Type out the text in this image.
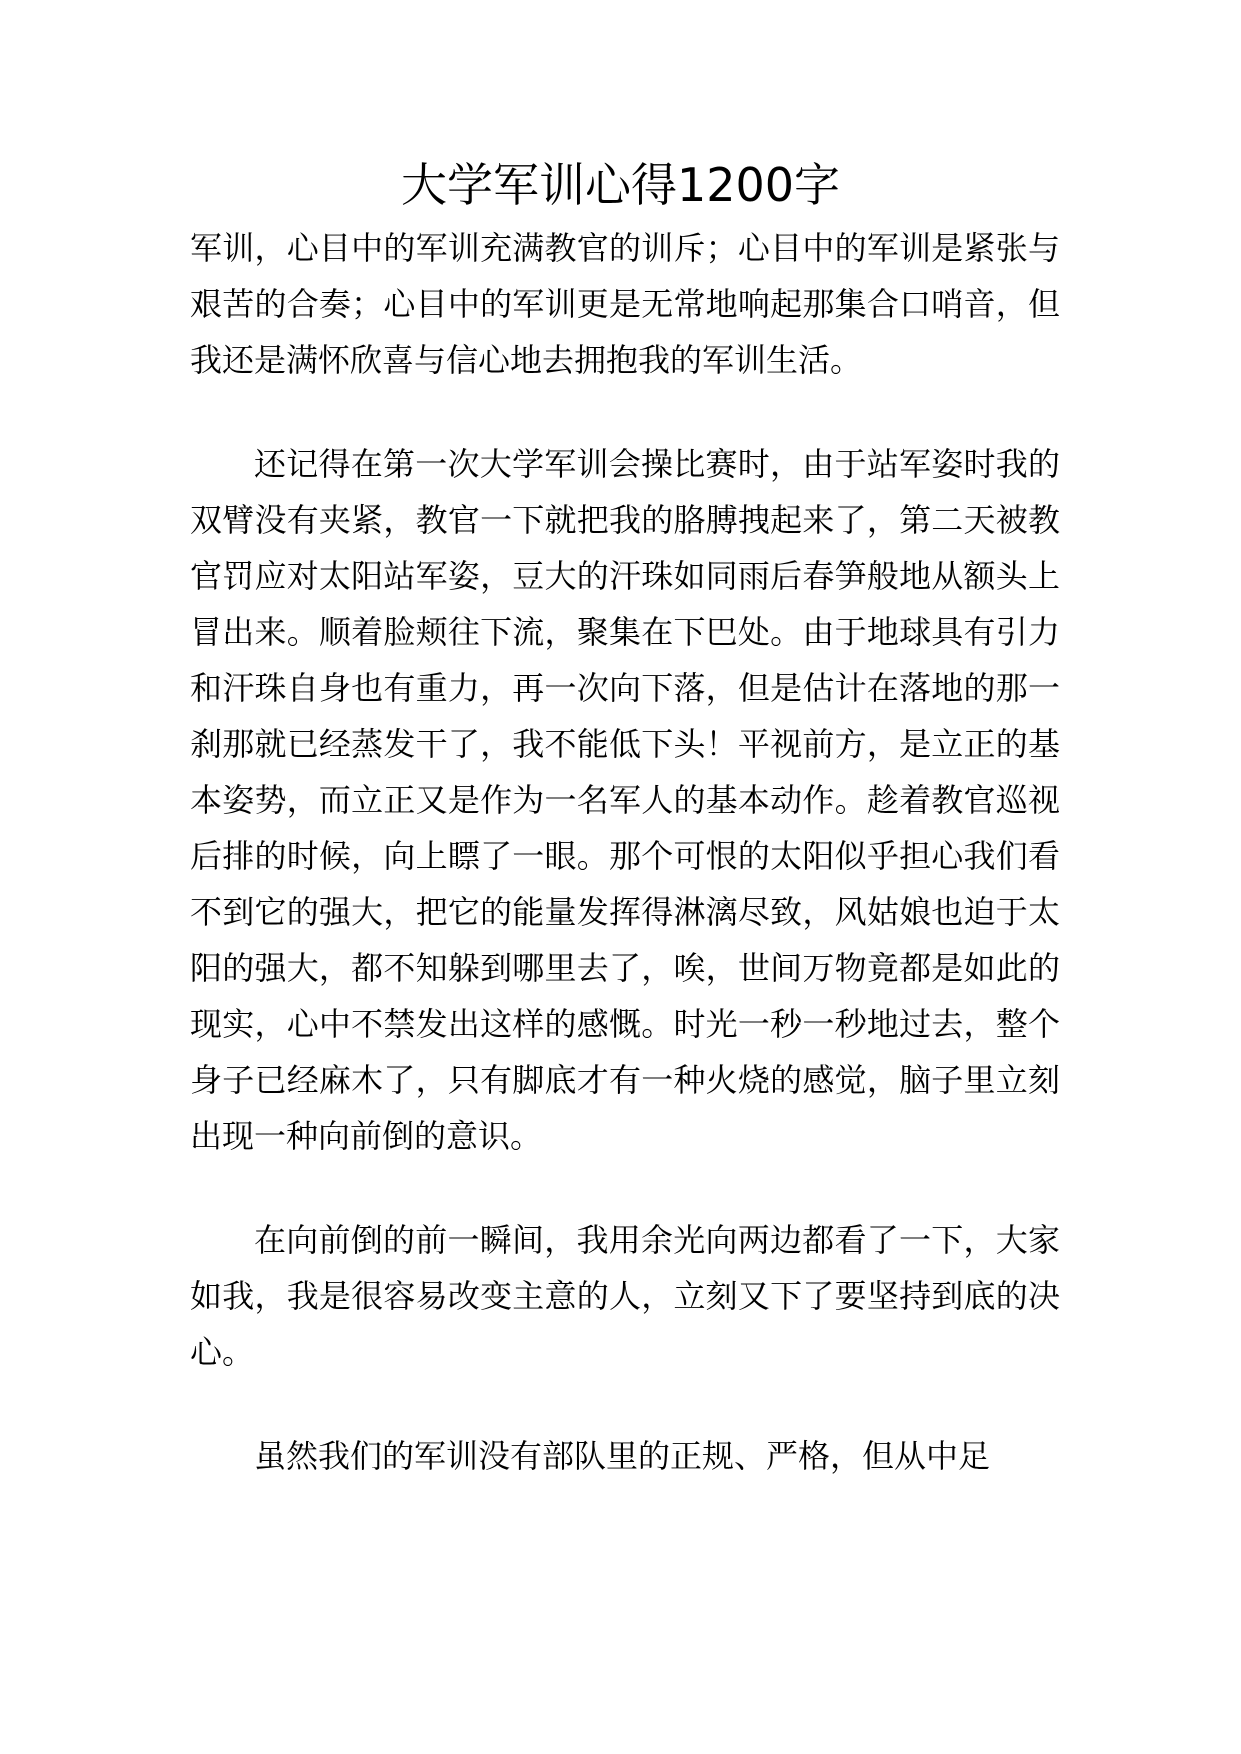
大学军训心得1200字

军训，心目中的军训充满教官的训斥；心目中的军训是紧张与艰苦的合奏；心目中的军训更是无常地响起那集合口哨音，但我还是满怀欣喜与信心地去拥抱我的军训生活。

还记得在第一次大学军训会操比赛时，由于站军姿时我的双臂没有夹紧，教官一下就把我的胳膊拽起来了，第二天被教官罚应对太阳站军姿，豆大的汗珠如同雨后春笋般地从额头上冒出来。顺着脸颊往下流，聚集在下巴处。由于地球具有引力和汗珠自身也有重力，再一次向下落，但是估计在落地的那一刹那就已经蒸发干了，我不能低下头！平视前方，是立正的基本姿势，而立正又是作为一名军人的基本动作。趁着教官巡视后排的时候，向上瞟了一眼。那个可恨的太阳似乎担心我们看不到它的强大，把它的能量发挥得淋漓尽致，风姑娘也迫于太阳的强大，都不知躲到哪里去了，唉，世间万物竟都是如此的现实，心中不禁发出这样的感慨。时光一秒一秒地过去，整个身子已经麻木了，只有脚底才有一种火烧的感觉，脑子里立刻出现一种向前倒的意识。

在向前倒的前一瞬间，我用余光向两边都看了一下，大家如我，我是很容易改变主意的人，立刻又下了要坚持到底的决心。

虽然我们的军训没有部队里的正规、严格，但从中足
